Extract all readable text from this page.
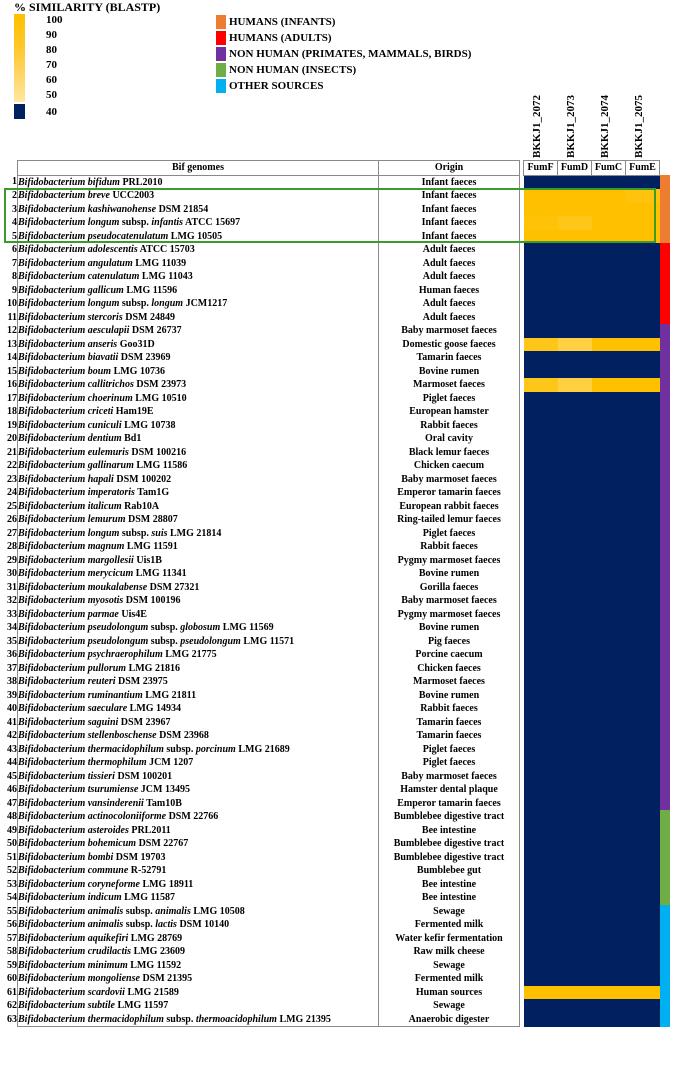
% SIMILARITY (BLASTP)
100
90
80
70
60
50
40
HUMANS (INFANTS)
HUMANS (ADULTS)
NON HUMAN (PRIMATES, MAMMALS, BIRDS)
NON HUMAN (INSECTS)
OTHER SOURCES
BKKJ1_2072 BKKJ1_2073 BKKJ1_2074 BKKJ1_2075
	Bif genomes	Origin		FumF	FumD	FumC	FumE	
1	Bifidobacterium bifidum PRL2010	Infant faeces						
2	Bifidobacterium breve UCC2003	Infant faeces						
3	Bifidobacterium kashiwanohense DSM 21854	Infant faeces						
4	Bifidobacterium longum subsp. infantis ATCC 15697	Infant faeces						
5	Bifidobacterium pseudocatenulatum LMG 10505	Infant faeces						
6	Bifidobacterium adolescentis ATCC 15703	Adult faeces						
7	Bifidobacterium angulatum LMG 11039	Adult faeces						
8	Bifidobacterium catenulatum LMG 11043	Adult faeces						
9	Bifidobacterium gallicum LMG 11596	Human faeces						
10	Bifidobacterium longum subsp. longum JCM1217	Adult faeces						
11	Bifidobacterium stercoris DSM 24849	Adult faeces						
12	Bifidobacterium aesculapii DSM 26737	Baby marmoset faeces						
13	Bifidobacterium anseris Goo31D	Domestic goose faeces						
14	Bifidobacterium biavatii DSM 23969	Tamarin faeces						
15	Bifidobacterium boum LMG 10736	Bovine rumen						
16	Bifidobacterium callitrichos DSM 23973	Marmoset faeces						
17	Bifidobacterium choerinum LMG 10510	Piglet faeces						
18	Bifidobacterium criceti Ham19E	European hamster						
19	Bifidobacterium cuniculi LMG 10738	Rabbit faeces						
20	Bifidobacterium dentium Bd1	Oral cavity						
21	Bifidobacterium eulemuris DSM 100216	Black lemur faeces						
22	Bifidobacterium gallinarum LMG 11586	Chicken caecum						
23	Bifidobacterium hapali DSM 100202	Baby marmoset faeces						
24	Bifidobacterium imperatoris Tam1G	Emperor tamarin faeces						
25	Bifidobacterium italicum Rab10A	European rabbit faeces						
26	Bifidobacterium lemurum DSM 28807	Ring-tailed lemur faeces						
27	Bifidobacterium longum subsp. suis LMG 21814	Piglet faeces						
28	Bifidobacterium magnum LMG 11591	Rabbit faeces						
29	Bifidobacterium margollesii Uis1B	Pygmy marmoset faeces						
30	Bifidobacterium merycicum LMG 11341	Bovine rumen						
31	Bifidobacterium moukalabense DSM 27321	Gorilla faeces						
32	Bifidobacterium myosotis DSM 100196	Baby marmoset faeces						
33	Bifidobacterium parmae Uis4E	Pygmy marmoset faeces						
34	Bifidobacterium pseudolongum subsp. globosum LMG 11569	Bovine rumen						
35	Bifidobacterium pseudolongum subsp. pseudolongum LMG 11571	Pig faeces						
36	Bifidobacterium psychraerophilum LMG 21775	Porcine caecum						
37	Bifidobacterium pullorum LMG 21816	Chicken faeces						
38	Bifidobacterium reuteri DSM 23975	Marmoset faeces						
39	Bifidobacterium ruminantium LMG 21811	Bovine rumen						
40	Bifidobacterium saeculare LMG 14934	Rabbit faeces						
41	Bifidobacterium saguini DSM 23967	Tamarin faeces						
42	Bifidobacterium stellenboschense DSM 23968	Tamarin faeces						
43	Bifidobacterium thermacidophilum subsp. porcinum LMG 21689	Piglet faeces						
44	Bifidobacterium thermophilum JCM 1207	Piglet faeces						
45	Bifidobacterium tissieri DSM 100201	Baby marmoset faeces						
46	Bifidobacterium tsurumiense JCM 13495	Hamster dental plaque						
47	Bifidobacterium vansinderenii Tam10B	Emperor tamarin faeces						
48	Bifidobacterium actinocoloniiforme DSM 22766	Bumblebee digestive tract						
49	Bifidobacterium asteroides PRL2011	Bee intestine						
50	Bifidobacterium bohemicum DSM 22767	Bumblebee digestive tract						
51	Bifidobacterium bombi DSM 19703	Bumblebee digestive tract						
52	Bifidobacterium commune R-52791	Bumblebee gut						
53	Bifidobacterium coryneforme LMG 18911	Bee intestine						
54	Bifidobacterium indicum LMG 11587	Bee intestine						
55	Bifidobacterium animalis subsp. animalis LMG 10508	Sewage						
56	Bifidobacterium animalis subsp. lactis DSM 10140	Fermented milk						
57	Bifidobacterium aquikefiri LMG 28769	Water kefir fermentation						
58	Bifidobacterium crudilactis LMG 23609	Raw milk cheese						
59	Bifidobacterium minimum LMG 11592	Sewage						
60	Bifidobacterium mongoliense DSM 21395	Fermented milk						
61	Bifidobacterium scardovii LMG 21589	Human sources						
62	Bifidobacterium subtile LMG 11597	Sewage						
63	Bifidobacterium thermacidophilum subsp. thermoacidophilum LMG 21395	Anaerobic digester						
